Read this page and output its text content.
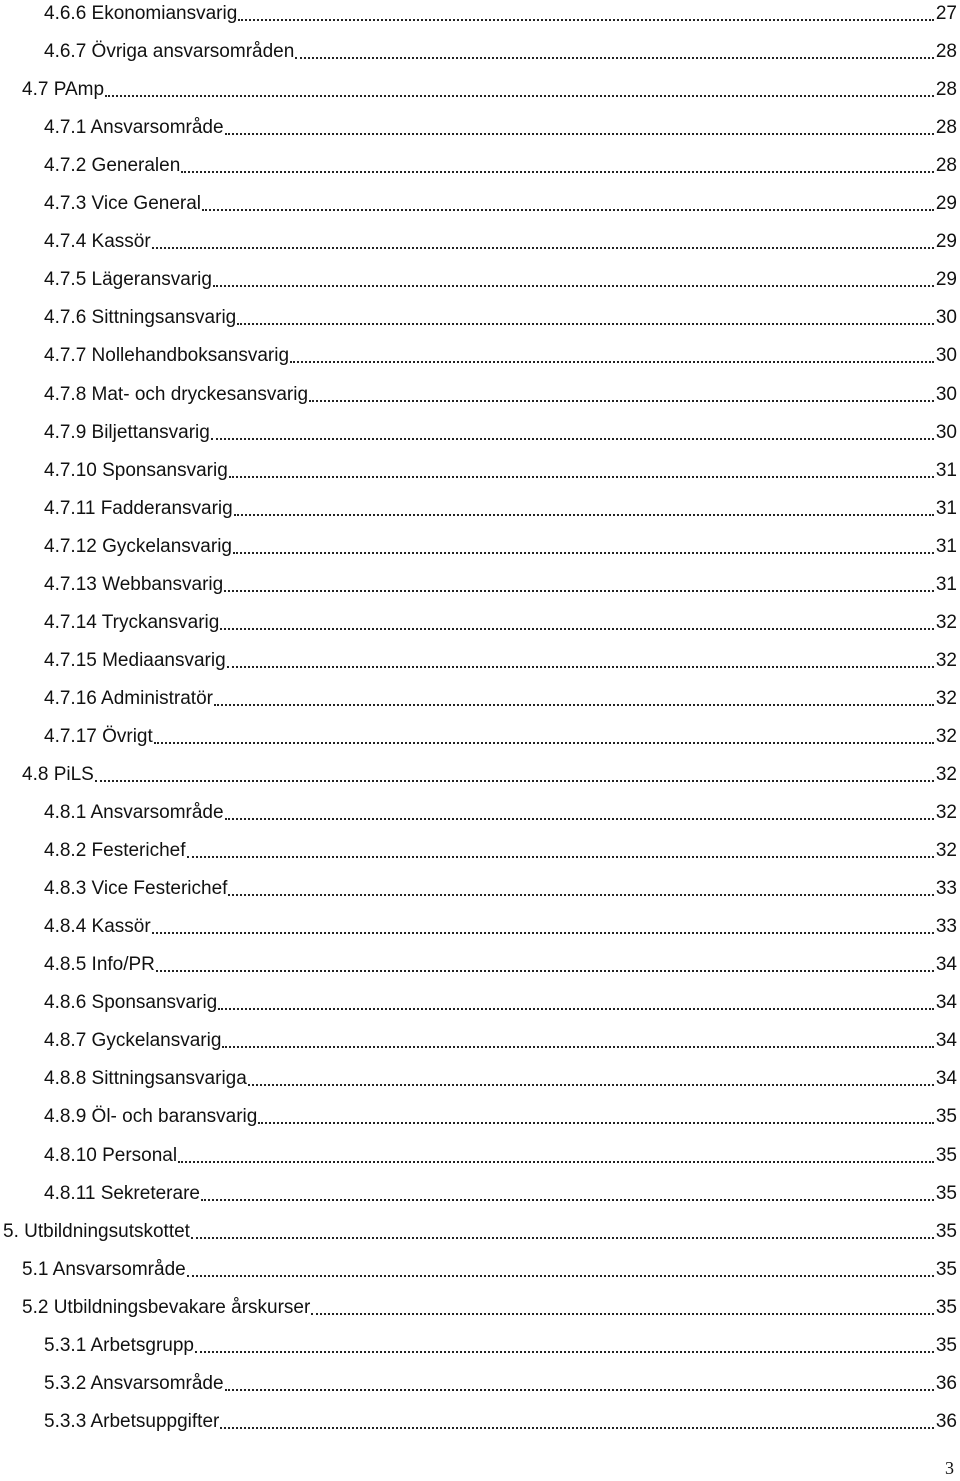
4.6.6 Ekonomiansvarig	27
4.6.7 Övriga ansvarsområden	28
4.7 PAmp	28
4.7.1 Ansvarsområde	28
4.7.2 Generalen	28
4.7.3 Vice General	29
4.7.4 Kassör	29
4.7.5 Lägeransvarig	29
4.7.6 Sittningsansvarig	30
4.7.7 Nollehandboksansvarig	30
4.7.8 Mat- och dryckesansvarig	30
4.7.9 Biljettansvarig	30
4.7.10 Sponsansvarig	31
4.7.11 Fadderansvarig	31
4.7.12 Gyckelansvarig	31
4.7.13 Webbansvarig	31
4.7.14 Tryckansvarig	32
4.7.15 Mediaansvarig	32
4.7.16 Administratör	32
4.7.17 Övrigt	32
4.8 PiLS	32
4.8.1 Ansvarsområde	32
4.8.2 Festerichef	32
4.8.3 Vice Festerichef	33
4.8.4 Kassör	33
4.8.5 Info/PR	34
4.8.6 Sponsansvarig	34
4.8.7 Gyckelansvarig	34
4.8.8 Sittningsansvariga	34
4.8.9 Öl- och baransvarig	35
4.8.10 Personal	35
4.8.11 Sekreterare	35
5. Utbildningsutskottet	35
5.1 Ansvarsområde	35
5.2 Utbildningsbevakare årskurser	35
5.3.1 Arbetsgrupp	35
5.3.2 Ansvarsområde	36
5.3.3 Arbetsuppgifter	36
3
